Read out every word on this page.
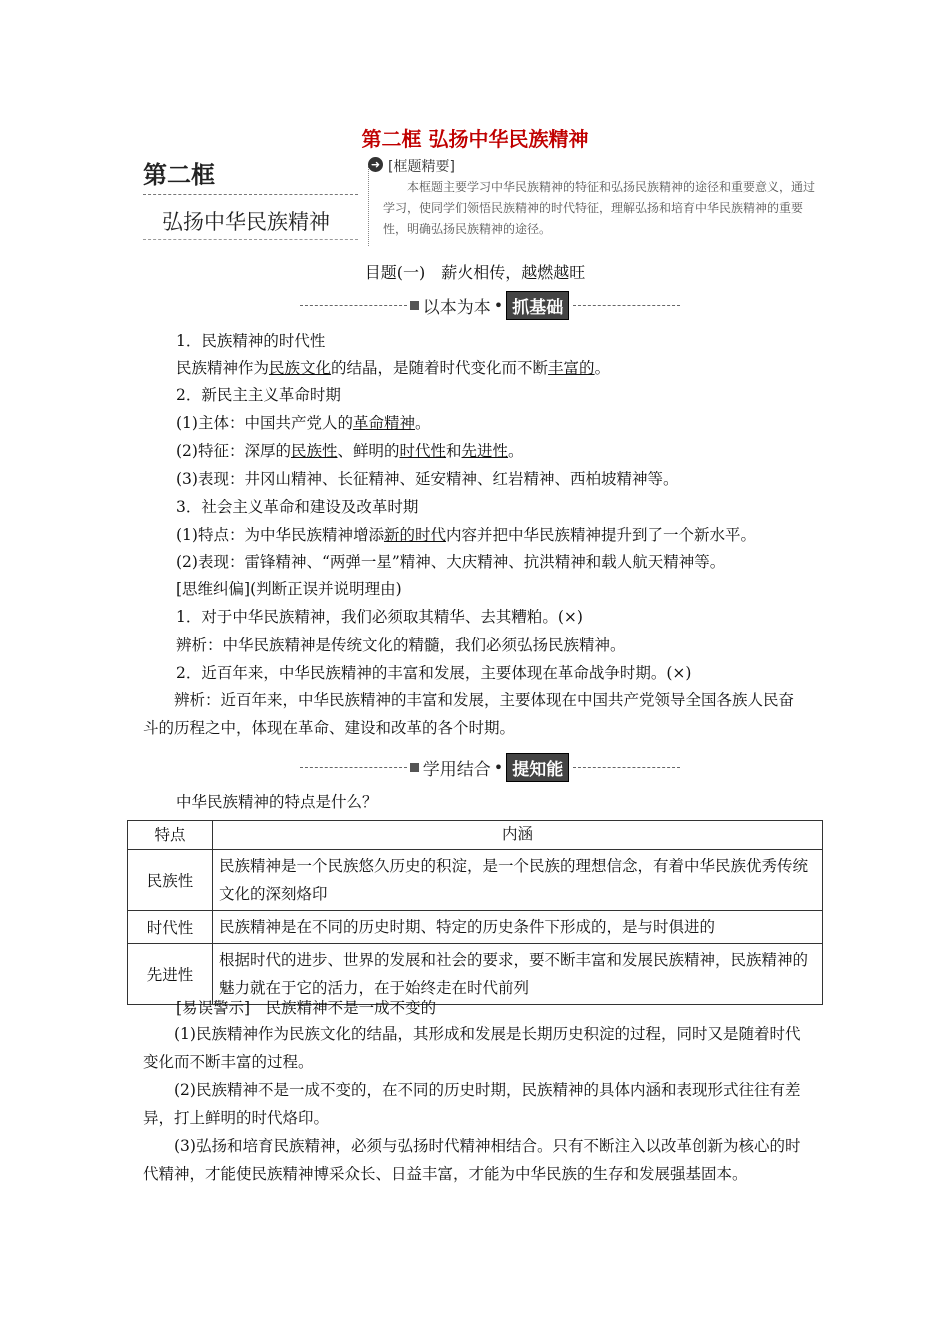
第二框 弘扬中华民族精神
第二框
弘扬中华民族精神
➜ [框题精要]
本框题主要学习中华民族精神的特征和弘扬民族精神的途径和重要意义，通过学习，使同学们领悟民族精神的时代特征，理解弘扬和培育中华民族精神的重要性，明确弘扬民族精神的途径。
目题(一)　薪火相传，越燃越旺
以本为本 • 抓基础
1．民族精神的时代性
民族精神作为民族文化的结晶，是随着时代变化而不断丰富的。
2．新民主主义革命时期
(1)主体：中国共产党人的革命精神。
(2)特征：深厚的民族性、鲜明的时代性和先进性。
(3)表现：井冈山精神、长征精神、延安精神、红岩精神、西柏坡精神等。
3．社会主义革命和建设及改革时期
(1)特点：为中华民族精神增添新的时代内容并把中华民族精神提升到了一个新水平。
(2)表现：雷锋精神、“两弹一星”精神、大庆精神、抗洪精神和载人航天精神等。
[思维纠偏](判断正误并说明理由)
1．对于中华民族精神，我们必须取其精华、去其糟粕。(×)
辨析：中华民族精神是传统文化的精髓，我们必须弘扬民族精神。
2．近百年来，中华民族精神的丰富和发展，主要体现在革命战争时期。(×)
辨析：近百年来，中华民族精神的丰富和发展，主要体现在中国共产党领导全国各族人民奋斗的历程之中，体现在革命、建设和改革的各个时期。
学用结合 • 提知能
中华民族精神的特点是什么？
特点	内涵
民族性	民族精神是一个民族悠久历史的积淀，是一个民族的理想信念，有着中华民族优秀传统文化的深刻烙印
时代性	民族精神是在不同的历史时期、特定的历史条件下形成的，是与时俱进的
先进性	根据时代的进步、世界的发展和社会的要求，要不断丰富和发展民族精神，民族精神的魅力就在于它的活力，在于始终走在时代前列
[易误警示]　民族精神不是一成不变的
(1)民族精神作为民族文化的结晶，其形成和发展是长期历史积淀的过程，同时又是随着时代变化而不断丰富的过程。
(2)民族精神不是一成不变的，在不同的历史时期，民族精神的具体内涵和表现形式往往有差异，打上鲜明的时代烙印。
(3)弘扬和培育民族精神，必须与弘扬时代精神相结合。只有不断注入以改革创新为核心的时代精神，才能使民族精神博采众长、日益丰富，才能为中华民族的生存和发展强基固本。
